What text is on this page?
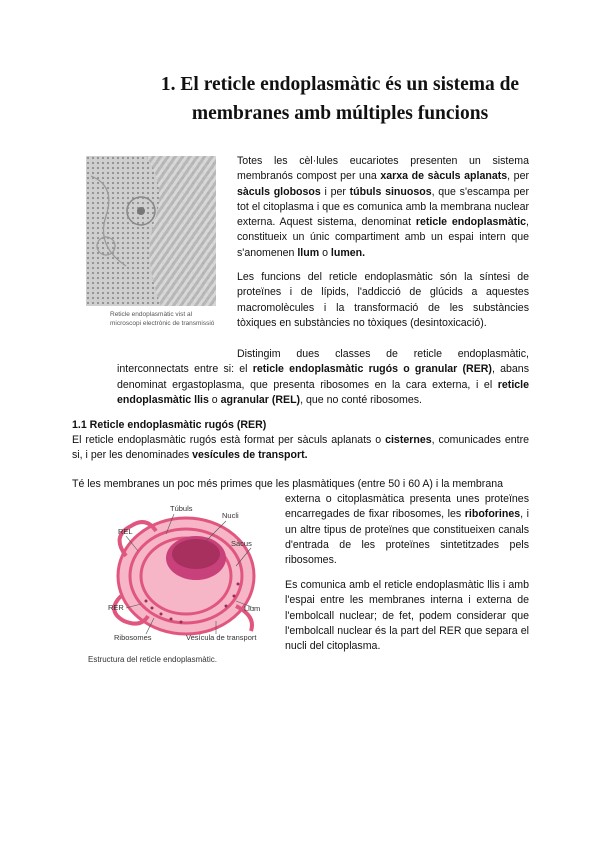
1. El reticle endoplasmàtic és un sistema de
membranes amb múltiples funcions
Reticle endoplasmàtic vist al microscopi electrònic de transmissió
Totes les cèl·lules eucariotes presenten un sistema membranós compost per una xarxa de sàculs aplanats, per sàculs globosos i per túbuls sinuosos, que s'escampa per tot el citoplasma i que es comunica amb la membrana nuclear externa. Aquest sistema, denominat reticle endoplasmàtic, constitueix un únic compartiment amb un espai intern que s'anomenen llum o lumen.
Les funcions del reticle endoplasmàtic són la síntesi de proteïnes i de lípids, l'addicció de glúcids a aquestes macromolècules i la transformació de les substàncies tòxiques en substàncies no tòxiques (desintoxicació).
Distingim dues classes de reticle endoplasmàtic, interconnectats entre si: el reticle endoplasmàtic rugós o granular (RER), abans denominat ergastoplasma, que presenta ribosomes en la cara externa, i el reticle endoplasmàtic llis o agranular (REL), que no conté ribosomes.
1.1 Reticle endoplasmàtic rugós (RER)
El reticle endoplasmàtic rugós està format per sàculs aplanats o cisternes, comunicades entre si, i per les denominades vesícules de transport.
Té les membranes un poc més primes que les plasmàtiques (entre 50 i 60 A) i la membrana
externa o citoplasmàtica presenta unes proteïnes encarregades de fixar ribosomes, les riboforines, i un altre tipus de proteïnes que constitueixen canals d'entrada de les proteïnes sintetitzades pels ribosomes.
Es comunica amb el reticle endoplasmàtic llis i amb l'espai entre les membranes interna i externa de l'embolcall nuclear; de fet, podem considerar que l'embolcall nuclear és la part del RER que separa el nucli del citoplasma.
Túbuls
Nucli
REL
Sàcus
RER	Llum
Ribosomes	Vesícula de transport
Estructura del reticle endoplasmàtic.
